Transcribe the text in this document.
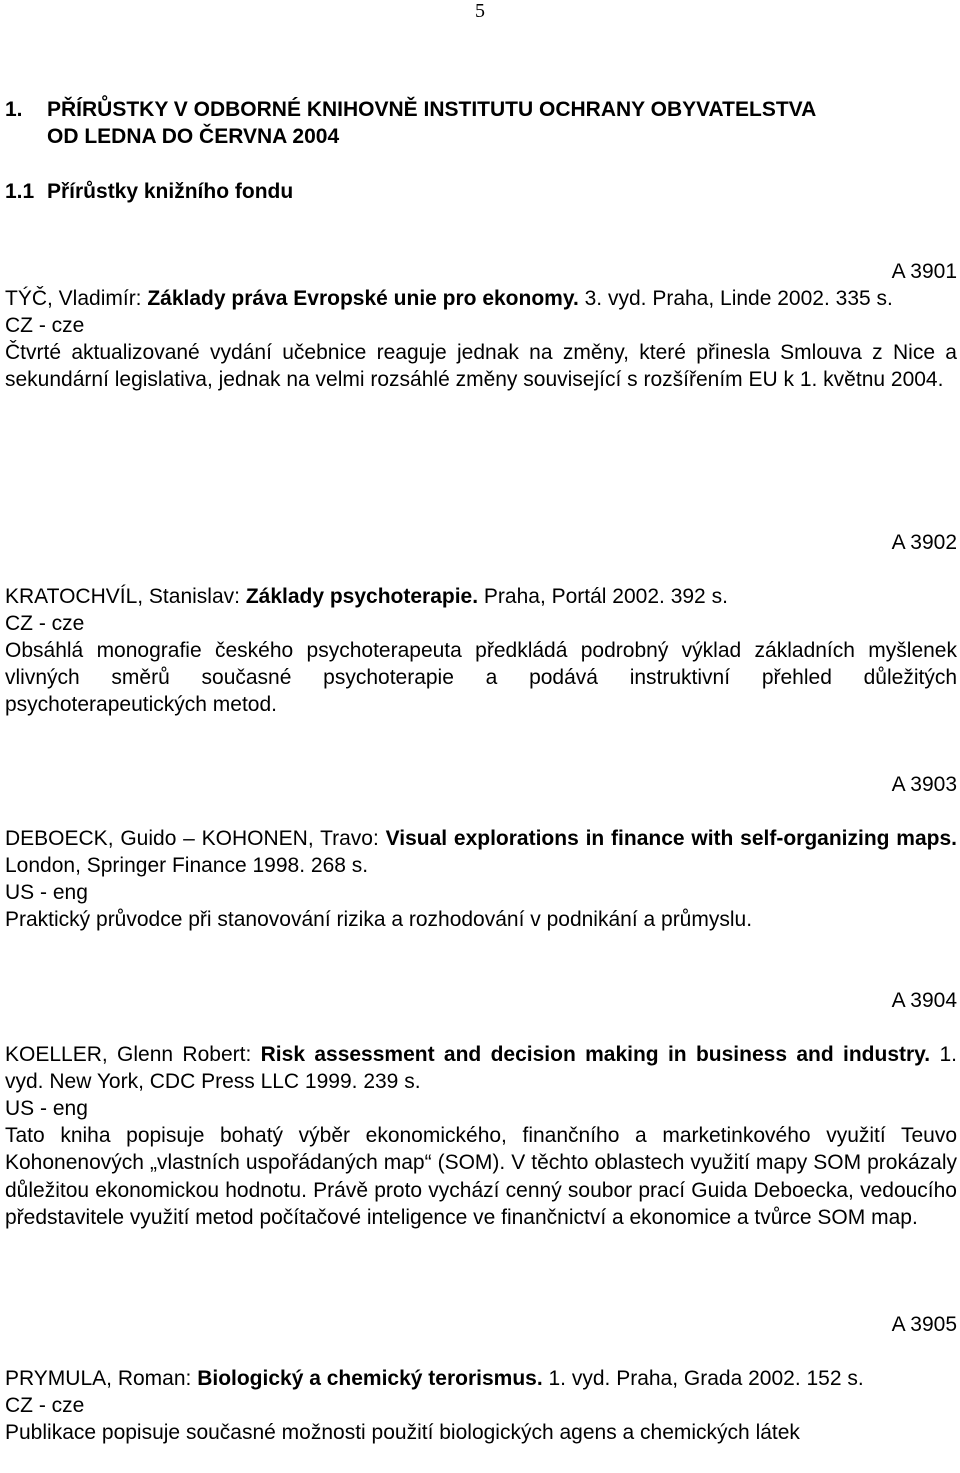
5
1. PŘÍRŮSTKY V ODBORNÉ KNIHOVNĚ INSTITUTU OCHRANY OBYVATELSTVA
OD LEDNA DO ČERVNA 2004
1.1 Přírůstky knižního fondu
A 3901
TÝČ, Vladimír: Základy práva Evropské unie pro ekonomy. 3. vyd. Praha, Linde 2002. 335 s.
CZ - cze
Čtvrté aktualizované vydání učebnice reaguje jednak na změny, které přinesla Smlouva z Nice a sekundární legislativa, jednak na velmi rozsáhlé změny související s rozšířením EU k 1. květnu 2004.
A 3902
KRATOCHVÍL, Stanislav: Základy psychoterapie. Praha, Portál 2002. 392 s.
CZ - cze
Obsáhlá monografie českého psychoterapeuta předkládá podrobný výklad základních myšlenek vlivných směrů současné psychoterapie a podává instruktivní přehled důležitých psychoterapeutických metod.
A 3903
DEBOECK, Guido – KOHONEN, Travo: Visual explorations in finance with self-organizing maps. London, Springer Finance 1998. 268 s.
US - eng
Praktický průvodce při stanovování rizika a rozhodování v podnikání a průmyslu.
A 3904
KOELLER, Glenn Robert: Risk assessment and decision making in business and industry. 1. vyd. New York, CDC Press LLC 1999. 239 s.
US - eng
Tato kniha popisuje bohatý výběr ekonomického, finančního a marketinkového využití Teuvo Kohonenových „vlastních uspořádaných map“ (SOM). V těchto oblastech využití mapy SOM prokázaly důležitou ekonomickou hodnotu. Právě proto vychází cenný soubor prací Guida Deboecka, vedoucího představitele využití metod počítačové inteligence ve finančnictví a ekonomice a tvůrce SOM map.
A 3905
PRYMULA, Roman: Biologický a chemický terorismus. 1. vyd. Praha, Grada 2002. 152 s.
CZ - cze
Publikace popisuje současné možnosti použití biologických agens a chemických látek
